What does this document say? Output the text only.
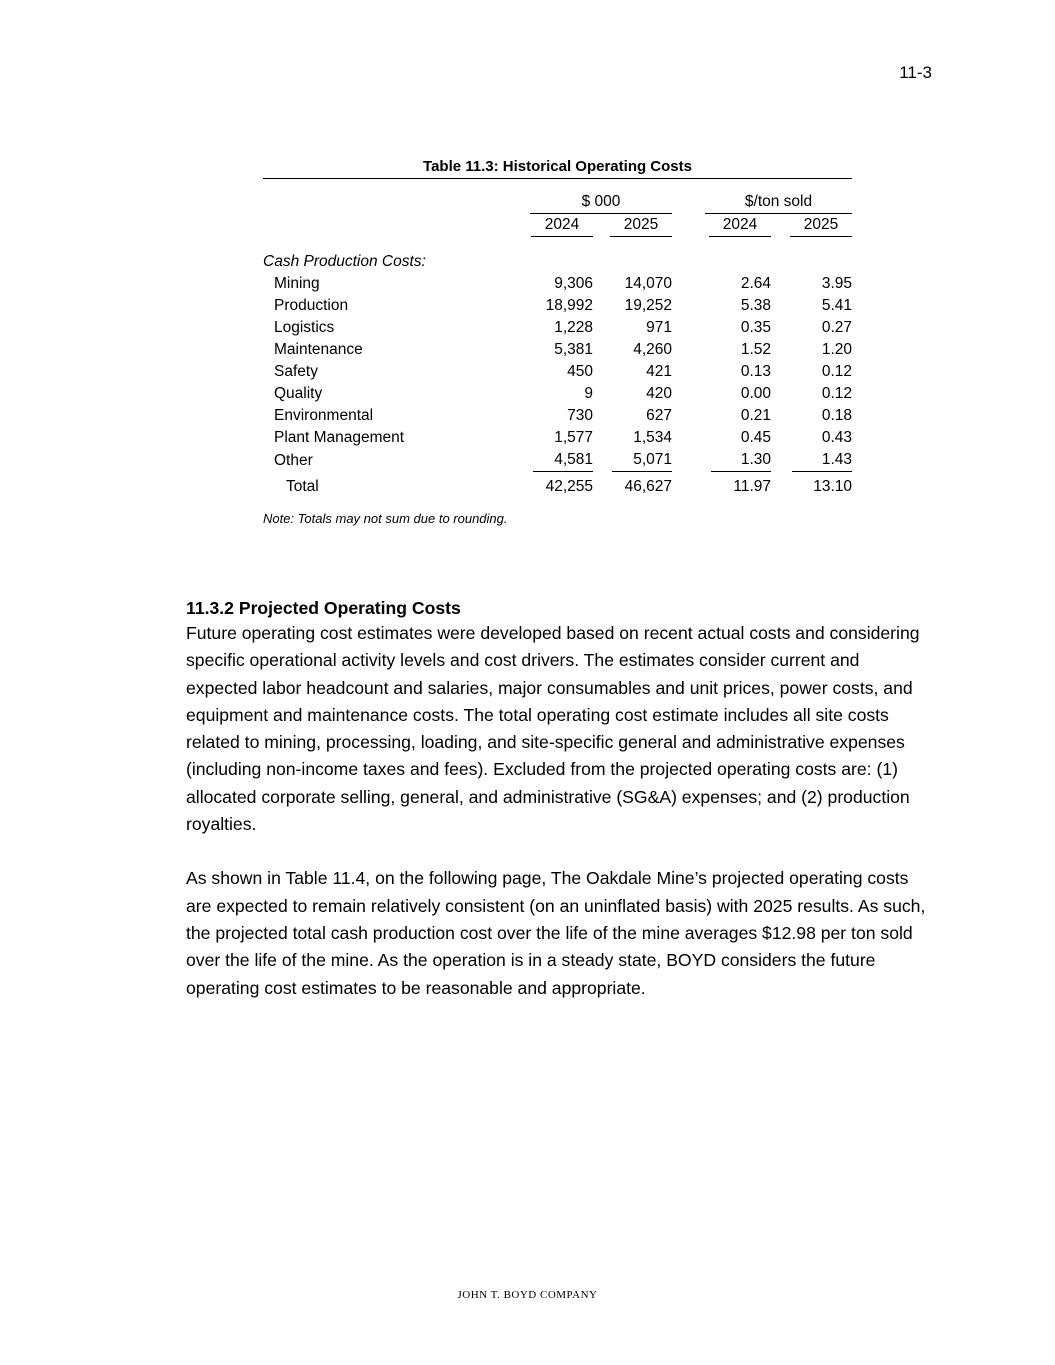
11-3
Table 11.3: Historical Operating Costs

	$ 000				$/ton sold		

	2024		2025		2024		2025

Cash Production Costs:							
Mining	9,306		14,070		2.64		3.95
Production	18,992		19,252		5.38		5.41
Logistics	1,228		971		0.35		0.27
Maintenance	5,381		4,260		1.52		1.20
Safety	450		421		0.13		0.12
Quality	9		420		0.00		0.12
Environmental	730		627		0.21		0.18
Plant Management	1,577		1,534		0.45		0.43
Other	4,581		5,071		1.30		1.43
Total	42,255		46,627		11.97		13.10
Note: Totals may not sum due to rounding.
11.3.2 Projected Operating Costs

Future operating cost estimates were developed based on recent actual costs and considering specific operational activity levels and cost drivers. The estimates consider current and expected labor headcount and salaries, major consumables and unit prices, power costs, and equipment and maintenance costs. The total operating cost estimate includes all site costs related to mining, processing, loading, and site-specific general and administrative expenses (including non-income taxes and fees). Excluded from the projected operating costs are: (1) allocated corporate selling, general, and administrative (SG&A) expenses; and (2) production royalties.

As shown in Table 11.4, on the following page, The Oakdale Mine’s projected operating costs are expected to remain relatively consistent (on an uninflated basis) with 2025 results. As such, the projected total cash production cost over the life of the mine averages $12.98 per ton sold over the life of the mine. As the operation is in a steady state, BOYD considers the future operating cost estimates to be reasonable and appropriate.

JOHN T. BOYD COMPANY
